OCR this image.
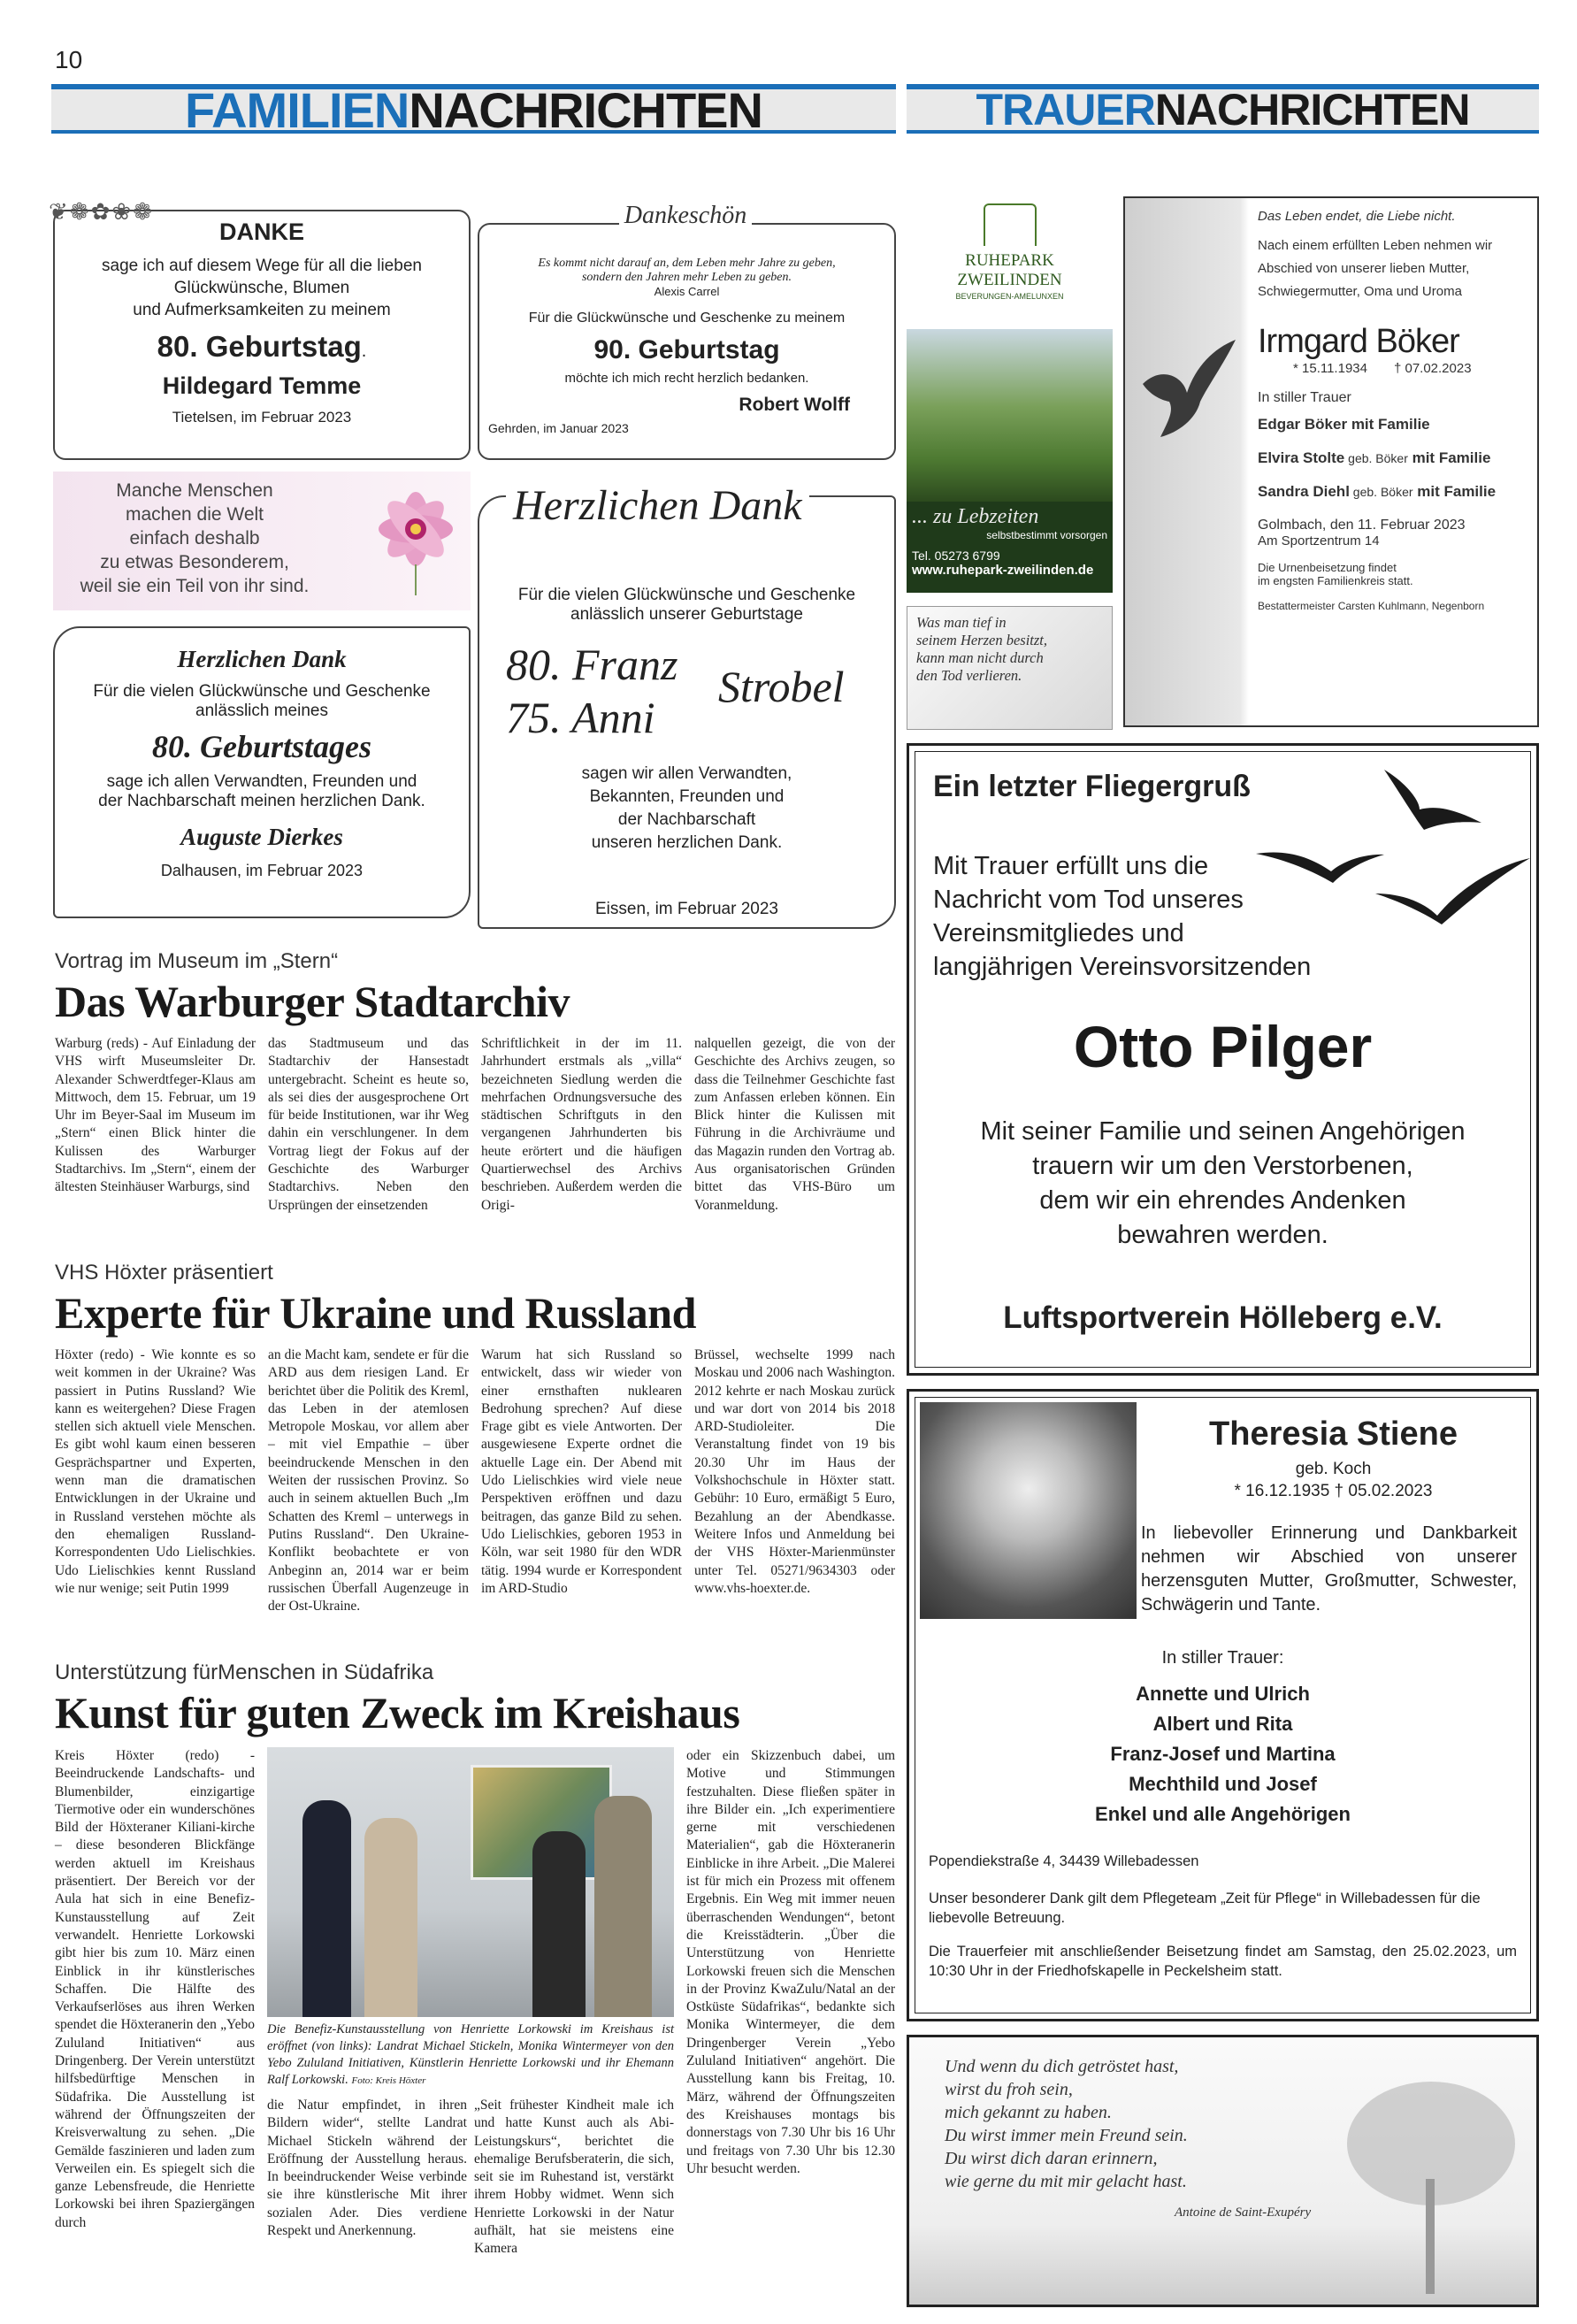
10
FAMILIEN NACHRICHTEN	TRAUER NACHRICHTEN
DANKE
sage ich auf diesem Wege für all die lieben
Glückwünsche, Blumen
und Aufmerksamkeiten zu meinem
80. Geburtstag.
Hildegard Temme
Tietelsen, im Februar 2023
❦❁✿❀❁
Es kommt nicht darauf an, dem Leben mehr Jahre zu geben,
sondern den Jahren mehr Leben zu geben.
Alexis Carrel
Für die Glückwünsche und Geschenke zu meinem
90. Geburtstag
möchte ich mich recht herzlich bedanken.
Robert Wolff
Gehrden, im Januar 2023
Dankeschön
Manche Menschen
machen die Welt
einfach deshalb
zu etwas Besonderem,
weil sie ein Teil von ihr sind.
Herzlichen Dank
Für die vielen Glückwünsche und Geschenke
anlässlich meines
80. Geburtstages
sage ich allen Verwandten, Freunden und
der Nachbarschaft meinen herzlichen Dank.
Auguste Dierkes
Dalhausen, im Februar 2023
Herzlichen Dank
Für die vielen Glückwünsche und Geschenke
anlässlich unserer Geburtstage
80. Franz
75. Anni
Strobel
sagen wir allen Verwandten,
Bekannten, Freunden und
der Nachbarschaft
unseren herzlichen Dank.
Eissen, im Februar 2023
Vortrag im Museum im „Stern“
Das Warburger Stadtarchiv

Warburg (reds) - Auf Einladung der VHS wirft Museumsleiter Dr. Alexander Schwerdtfeger-Klaus am Mittwoch, dem 15. Februar, um 19 Uhr im Beyer-Saal im Museum im „Stern“ einen Blick hinter die Kulissen des Warburger Stadtarchivs. Im „Stern“, einem der ältesten Steinhäuser Warburgs, sind

das Stadtmuseum und das Stadtarchiv der Hansestadt untergebracht. Scheint es heute so, als sei dies der ausgesprochene Ort für beide Institutionen, war ihr Weg dahin ein verschlungener. In dem Vortrag liegt der Fokus auf der Geschichte des Warburger Stadtarchivs. Neben den Ursprüngen der einsetzenden

Schriftlichkeit in der im 11. Jahrhundert erstmals als „villa“ bezeichneten Siedlung werden die mehrfachen Ordnungsversuche des städtischen Schriftguts in den vergangenen Jahrhunderten bis heute erörtert und die häufigen Quartierwechsel des Archivs beschrieben. Außerdem werden die Origi-

nalquellen gezeigt, die von der Geschichte des Archivs zeugen, so dass die Teilnehmer Geschichte fast zum Anfassen erleben können. Ein Blick hinter die Kulissen mit Führung in die Archivräume und das Magazin runden den Vortrag ab. Aus organisatorischen Gründen bittet das VHS-Büro um Voranmeldung.

VHS Höxter präsentiert
Experte für Ukraine und Russland

Höxter (redo) - Wie konnte es so weit kommen in der Ukraine? Was passiert in Putins Russland? Wie kann es weitergehen? Diese Fragen stellen sich aktuell viele Menschen. Es gibt wohl kaum einen besseren Gesprächspartner und Experten, wenn man die dramatischen Entwicklungen in der Ukraine und in Russland verstehen möchte als den ehemaligen Russland-Korrespondenten Udo Lielischkies. Udo Lielischkies kennt Russland wie nur wenige; seit Putin 1999

an die Macht kam, sendete er für die ARD aus dem riesigen Land. Er berichtet über die Politik des Kreml, das Leben in der atemlosen Metropole Moskau, vor allem aber – mit viel Empathie – über beeindruckende Menschen in den Weiten der russischen Provinz. So auch in seinem aktuellen Buch „Im Schatten des Kreml – unterwegs in Putins Russland“. Den Ukraine-Konflikt beobachtete er von Anbeginn an, 2014 war er beim russischen Überfall Augenzeuge in der Ost-Ukraine.

Warum hat sich Russland so entwickelt, dass wir wieder von einer ernsthaften nuklearen Bedrohung sprechen? Auf diese Frage gibt es viele Antworten. Der ausgewiesene Experte ordnet die aktuelle Lage ein. Der Abend mit Udo Lielischkies wird viele neue Perspektiven eröffnen und dazu beitragen, das ganze Bild zu sehen. Udo Lielischkies, geboren 1953 in Köln, war seit 1980 für den WDR tätig. 1994 wurde er Korrespondent im ARD-Studio

Brüssel, wechselte 1999 nach Moskau und 2006 nach Washington. 2012 kehrte er nach Moskau zurück und war dort von 2014 bis 2018 ARD-Studioleiter. Die Veranstaltung findet von 19 bis 20.30 Uhr im Haus der Volkshochschule in Höxter statt. Gebühr: 10 Euro, ermäßigt 5 Euro, Bezahlung an der Abendkasse. Weitere Infos und Anmeldung bei der VHS Höxter-Marienmünster unter Tel. 05271/9634303 oder www.vhs-hoexter.de.

Unterstützung fürMenschen in Südafrika
Kunst für guten Zweck im Kreishaus

Kreis Höxter (redo) - Beeindruckende Landschafts- und Blumenbilder, einzigartige Tiermotive oder ein wunderschönes Bild der Höxteraner Kiliani-kirche – diese besonderen Blickfänge werden aktuell im Kreishaus präsentiert. Der Bereich vor der Aula hat sich in eine Benefiz-Kunstausstellung auf Zeit verwandelt. Henriette Lorkowski gibt hier bis zum 10. März einen Einblick in ihr künstlerisches Schaffen. Die Hälfte des Verkaufserlöses aus ihren Werken spendet die Höxteranerin den „Yebo Zululand Initiativen“ aus Dringenberg. Der Verein unterstützt hilfsbedürftige Menschen in Südafrika. Die Ausstellung ist während der Öffnungszeiten der Kreisverwaltung zu sehen. „Die Gemälde faszinieren und laden zum Verweilen ein. Es spiegelt sich die ganze Lebensfreude, die Henriette Lorkowski bei ihren Spaziergängen durch

Die Benefiz-Kunstausstellung von Henriette Lorkowski im Kreishaus ist eröffnet (von links): Landrat Michael Stickeln, Monika Wintermeyer von den Yebo Zululand Initiativen, Künstlerin Henriette Lorkowski und ihr Ehemann Ralf Lorkowski. Foto: Kreis Höxter

die Natur empfindet, in ihren Bildern wider“, stellte Landrat Michael Stickeln während der Eröffnung der Ausstellung heraus. In beeindruckender Weise verbinde sie ihre künstlerische Mit ihrer sozialen Ader. Dies verdiene Respekt und Anerkennung.

„Seit frühester Kindheit male ich und hatte Kunst auch als Abi-Leistungskurs“, berichtet die ehemalige Berufsberaterin, die sich, seit sie im Ruhestand ist, verstärkt ihrem Hobby widmet. Wenn sich Henriette Lorkowski in der Natur aufhält, hat sie meistens eine Kamera

oder ein Skizzenbuch dabei, um Motive und Stimmungen festzuhalten. Diese fließen später in ihre Bilder ein. „Ich experimentiere gerne mit verschiedenen Materialien“, gab die Höxteranerin Einblicke in ihre Arbeit. „Die Malerei ist für mich ein Prozess mit offenem Ergebnis. Ein Weg mit immer neuen überraschenden Wendungen“, betont die Kreisstädterin. „Über die Unterstützung von Henriette Lorkowski freuen sich die Menschen in der Provinz KwaZulu/Natal an der Ostküste Südafrikas“, bedankte sich Monika Wintermeyer, die dem Dringenberger Verein „Yebo Zululand Initiativen“ angehört. Die Ausstellung kann bis Freitag, 10. März, während der Öffnungszeiten des Kreishauses montags bis donnerstags von 7.30 Uhr bis 16 Uhr und freitags von 7.30 Uhr bis 12.30 Uhr besucht werden.

RUHEPARK
ZWEILINDEN
BEVERUNGEN-AMELUNXEN
... zu Lebzeiten
selbstbestimmt vorsorgen
Tel. 05273 6799
www.ruhepark-zweilinden.de
Was man tief in
seinem Herzen besitzt,
kann man nicht durch
den Tod verlieren.
Das Leben endet, die Liebe nicht.
Nach einem erfüllten Leben nehmen wir
Abschied von unserer lieben Mutter,
Schwiegermutter, Oma und Uroma
Irmgard Böker
* 15.11.1934 † 07.02.2023
In stiller Trauer
Edgar Böker mit Familie
Elvira Stolte geb. Böker mit Familie
Sandra Diehl geb. Böker mit Familie
Golmbach, den 11. Februar 2023
Am Sportzentrum 14
Die Urnenbeisetzung findet
im engsten Familienkreis statt.
Bestattermeister Carsten Kuhlmann, Negenborn
Ein letzter Fliegergruß
Mit Trauer erfüllt uns die
Nachricht vom Tod unseres
Vereinsmitgliedes und
langjährigen Vereinsvorsitzenden
Otto Pilger
Mit seiner Familie und seinen Angehörigen
trauern wir um den Verstorbenen,
dem wir ein ehrendes Andenken
bewahren werden.
Luftsportverein Hölleberg e.V.
Theresia Stiene
geb. Koch
* 16.12.1935 † 05.02.2023
In liebevoller Erinnerung und Dankbarkeit nehmen wir Abschied von unserer herzensguten Mutter, Großmutter, Schwester, Schwägerin und Tante.
In stiller Trauer:
Annette und Ulrich
Albert und Rita
Franz-Josef und Martina
Mechthild und Josef
Enkel und alle Angehörigen
Popendiekstraße 4, 34439 Willebadessen
Unser besonderer Dank gilt dem Pflegeteam „Zeit für Pflege“ in Willebadessen für die liebevolle Betreuung.
Die Trauerfeier mit anschließender Beisetzung findet am Samstag, den 25.02.2023, um 10:30 Uhr in der Friedhofskapelle in Peckelsheim statt.
Und wenn du dich getröstet hast,
wirst du froh sein,
mich gekannt zu haben.
Du wirst immer mein Freund sein.
Du wirst dich daran erinnern,
wie gerne du mit mir gelacht hast.
Antoine de Saint-Exupéry
